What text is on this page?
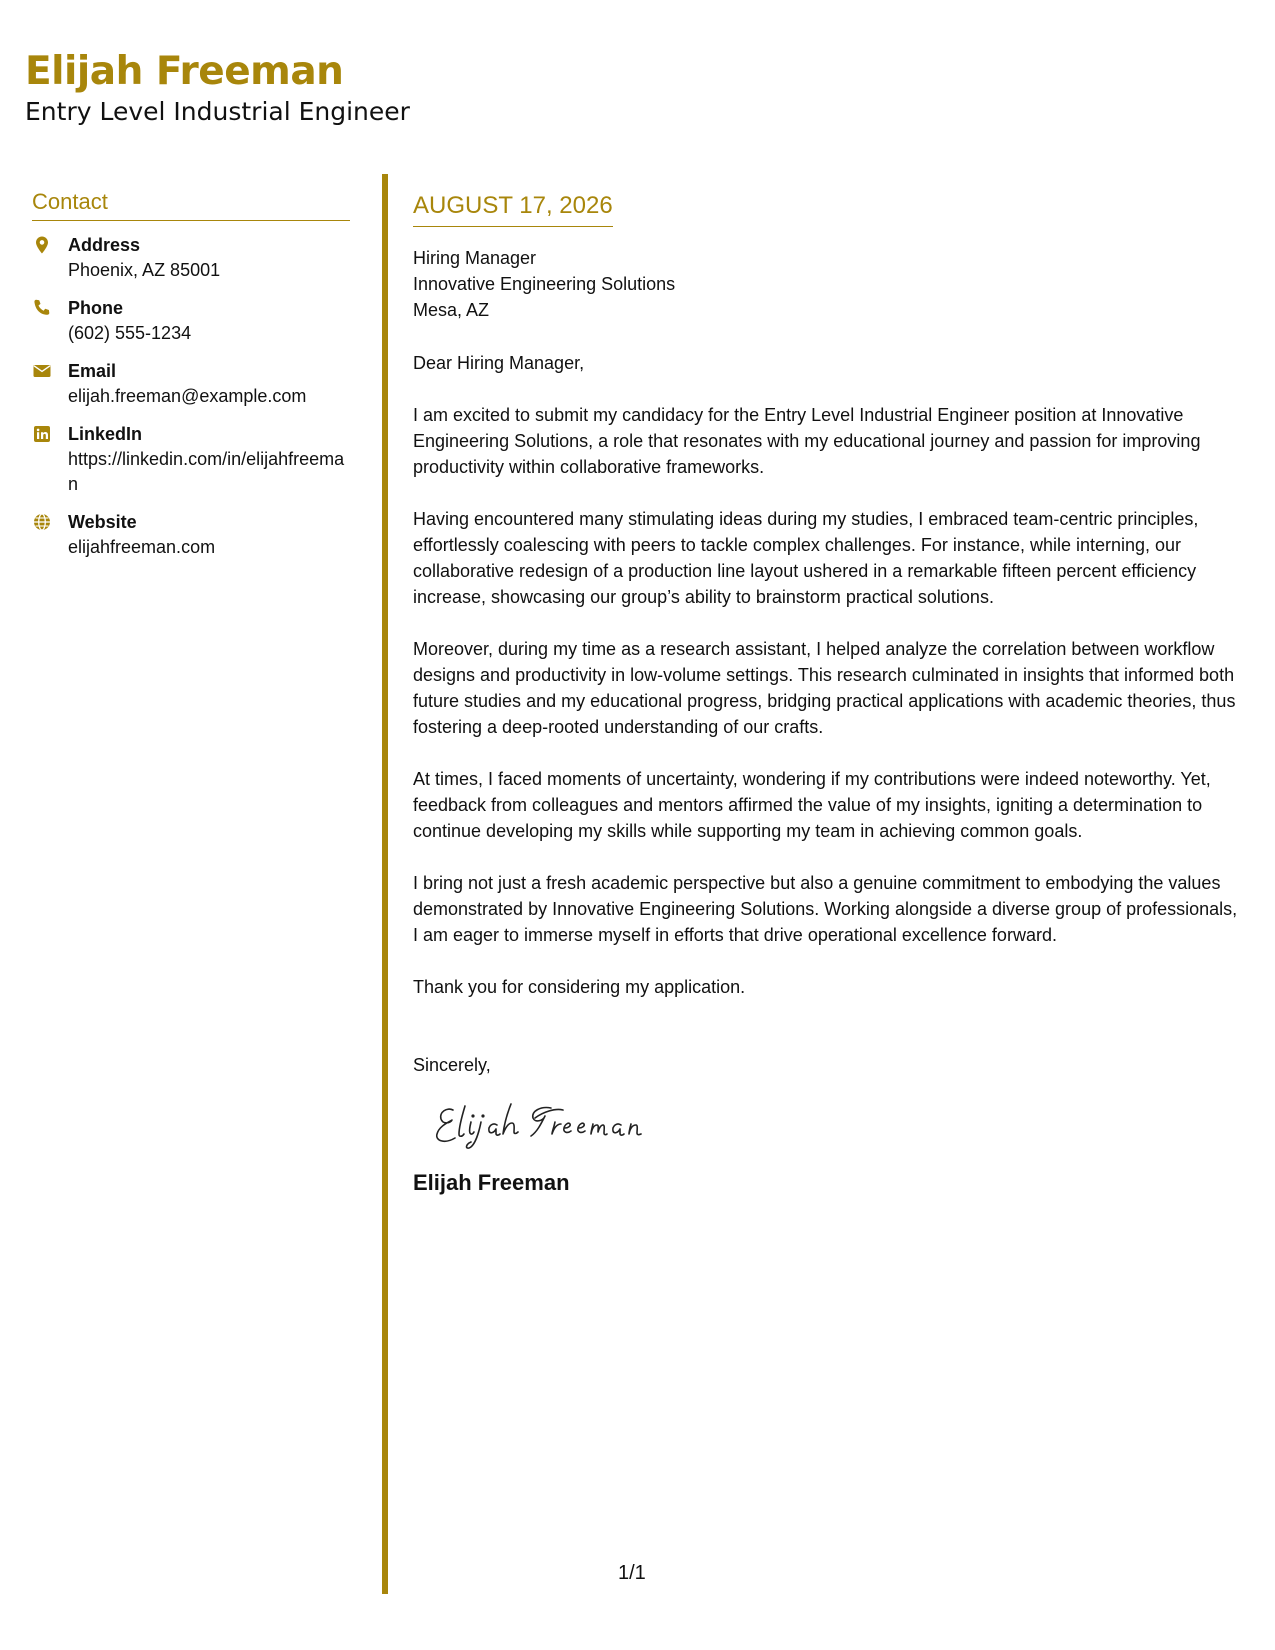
Elijah Freeman
Entry Level Industrial Engineer
Contact
Address
Phoenix, AZ 85001
Phone
(602) 555-1234
Email
elijah.freeman@example.com
LinkedIn
https://linkedin.com/in/elijahfreeman
Website
elijahfreeman.com
AUGUST 17, 2026
Hiring Manager
Innovative Engineering Solutions
Mesa, AZ
Dear Hiring Manager,
I am excited to submit my candidacy for the Entry Level Industrial Engineer position at Innovative Engineering Solutions, a role that resonates with my educational journey and passion for improving productivity within collaborative frameworks.
Having encountered many stimulating ideas during my studies, I embraced team-centric principles, effortlessly coalescing with peers to tackle complex challenges. For instance, while interning, our collaborative redesign of a production line layout ushered in a remarkable fifteen percent efficiency increase, showcasing our group’s ability to brainstorm practical solutions.
Moreover, during my time as a research assistant, I helped analyze the correlation between workflow designs and productivity in low-volume settings. This research culminated in insights that informed both future studies and my educational progress, bridging practical applications with academic theories, thus fostering a deep-rooted understanding of our crafts.
At times, I faced moments of uncertainty, wondering if my contributions were indeed noteworthy. Yet, feedback from colleagues and mentors affirmed the value of my insights, igniting a determination to continue developing my skills while supporting my team in achieving common goals.
I bring not just a fresh academic perspective but also a genuine commitment to embodying the values demonstrated by Innovative Engineering Solutions. Working alongside a diverse group of professionals, I am eager to immerse myself in efforts that drive operational excellence forward.
Thank you for considering my application.
Sincerely,
Elijah Freeman
1/1
